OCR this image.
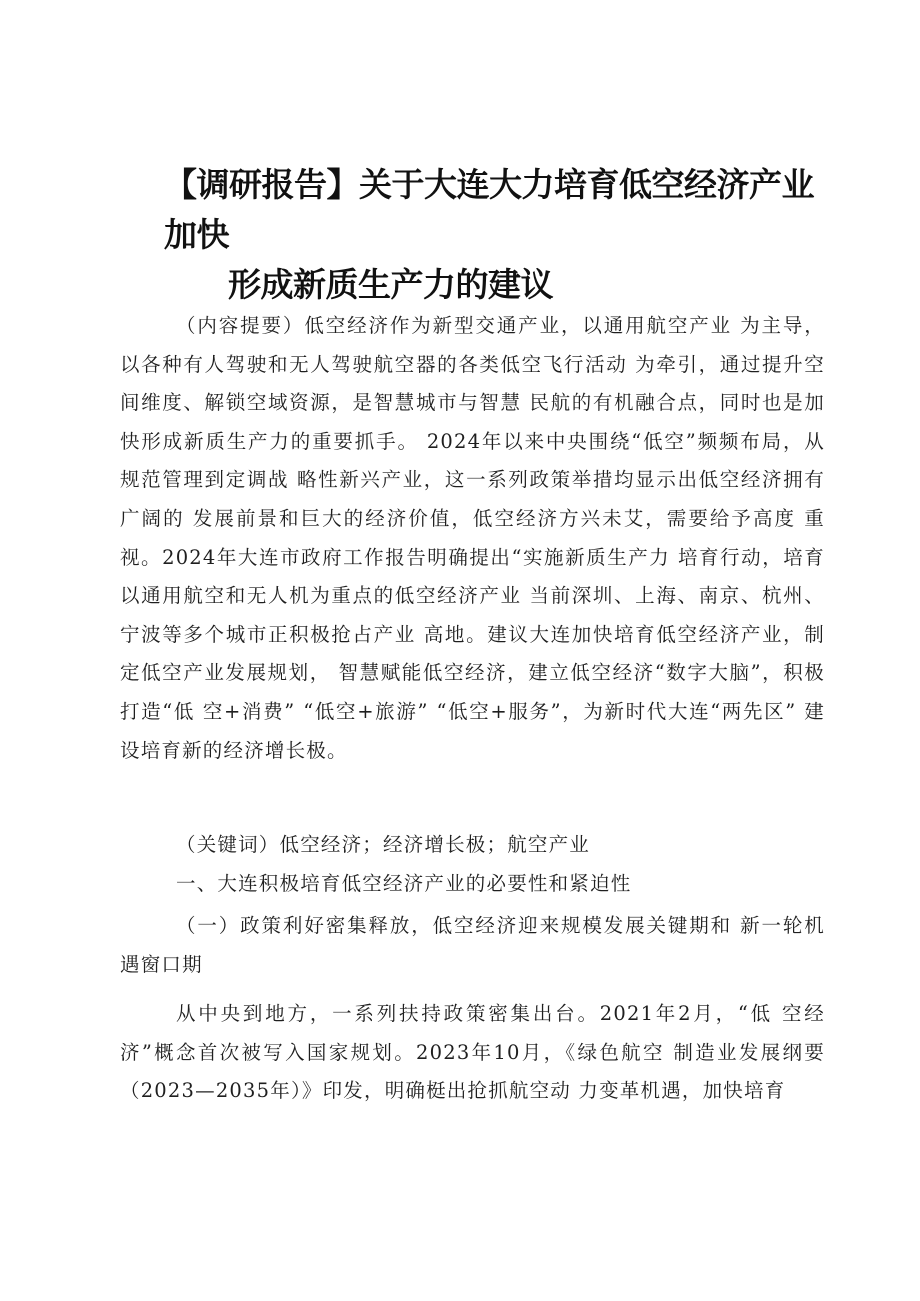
【调研报告】关于大连大力培育低空经济产业 加快
形成新质生产力的建议

（内容提要）低空经济作为新型交通产业，以通用航空产业 为主导，以各种有人驾驶和无人驾驶航空器的各类低空飞行活动 为牵引，通过提升空间维度、解锁空域资源，是智慧城市与智慧 民航的有机融合点，同时也是加快形成新质生产力的重要抓手。 2024年以来中央围绕“低空”频频布局，从规范管理到定调战 略性新兴产业，这一系列政策举措均显示出低空经济拥有广阔的 发展前景和巨大的经济价值，低空经济方兴未艾，需要给予高度 重视。2024年大连市政府工作报告明确提出“实施新质生产力 培育行动，培育以通用航空和无人机为重点的低空经济产业 当前深圳、上海、南京、杭州、宁波等多个城市正积极抢占产业 高地。建议大连加快培育低空经济产业，制定低空产业发展规划， 智慧赋能低空经济，建立低空经济“数字大脑”，积极打造“低 空+消费” “低空+旅游” “低空+服务”，为新时代大连“两先区” 建设培育新的经济增长极。

（关键词）低空经济；经济增长极；航空产业

一、大连积极培育低空经济产业的必要性和紧迫性

（一）政策利好密集释放，低空经济迎来规模发展关键期和 新一轮机遇窗口期

从中央到地方，一系列扶持政策密集出台。2021年2月，“低 空经济”概念首次被写入国家规划。2023年10月，《绿色航空 制造业发展纲要（2023—2035年）》印发，明确梃出抢抓航空动 力变革机遇，加快培育
